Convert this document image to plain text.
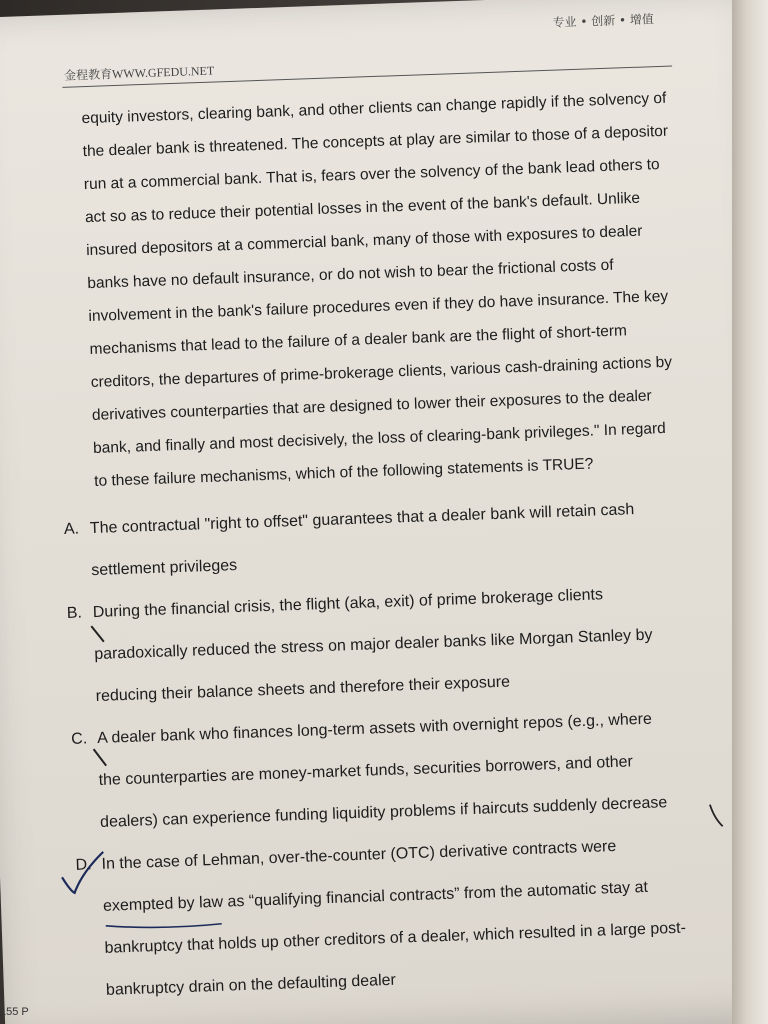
专业 • 创新 • 增值
金程教育WWW.GFEDU.NET
equity investors, clearing bank, and other clients can change rapidly if the solvency of
the dealer bank is threatened. The concepts at play are similar to those of a depositor
run at a commercial bank. That is, fears over the solvency of the bank lead others to
act so as to reduce their potential losses in the event of the bank's default. Unlike
insured depositors at a commercial bank, many of those with exposures to dealer
banks have no default insurance, or do not wish to bear the frictional costs of
involvement in the bank's failure procedures even if they do have insurance. The key
mechanisms that lead to the failure of a dealer bank are the flight of short-term
creditors, the departures of prime-brokerage clients, various cash-draining actions by
derivatives counterparties that are designed to lower their exposures to the dealer
bank, and finally and most decisively, the loss of clearing-bank privileges." In regard
to these failure mechanisms, which of the following statements is TRUE?
A. The contractual "right to offset" guarantees that a dealer bank will retain cash
settlement privileges
B. During the financial crisis, the flight (aka, exit) of prime brokerage clients
paradoxically reduced the stress on major dealer banks like Morgan Stanley by
reducing their balance sheets and therefore their exposure
C. A dealer bank who finances long-term assets with overnight repos (e.g., where
the counterparties are money-market funds, securities borrowers, and other
dealers) can experience funding liquidity problems if haircuts suddenly decrease
D. In the case of Lehman, over-the-counter (OTC) derivative contracts were
exempted by law as “qualifying financial contracts” from the automatic stay at
bankruptcy that holds up other creditors of a dealer, which resulted in a large post-
bankruptcy drain on the defaulting dealer
155 P
